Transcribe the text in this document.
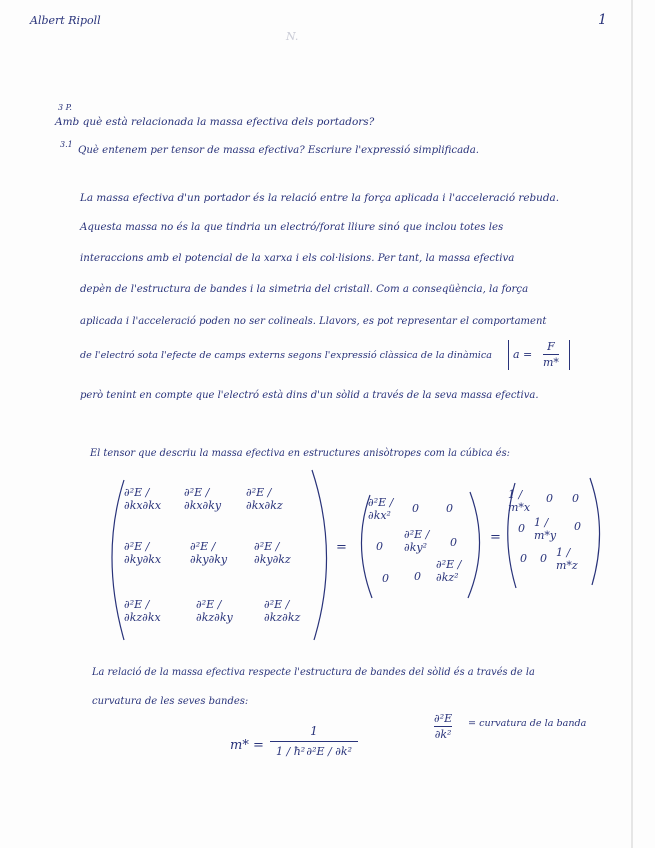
Albert Ripoll	1
N.
3 P.
Amb què està relacionada la massa efectiva dels portadors?
3.1
Què entenem per tensor de massa efectiva? Escriure l'expressió simplificada.
La massa efectiva d'un portador és la relació entre la força aplicada i l'acceleració rebuda.
Aquesta massa no és la que tindria un electró/forat lliure sinó que inclou totes les
interaccions amb el potencial de la xarxa i els col·lisions. Per tant, la massa efectiva
depèn de l'estructura de bandes i la simetria del cristall. Com a conseqüència, la força
aplicada i l'acceleració poden no ser colineals. Llavors, es pot representar el comportament
de l'electró sota l'efecte de camps externs segons l'expressió clàssica de la dinàmica
però tenint en compte que l'electró està dins d'un sòlid a través de la seva massa efectiva.
a =
F
m*
El tensor que descriu la massa efectiva en estructures anisòtropes com la cúbica és:
∂²E / ∂kx∂kx
∂²E / ∂kx∂ky
∂²E / ∂kx∂kz
∂²E / ∂ky∂kx
∂²E / ∂ky∂ky
∂²E / ∂ky∂kz
∂²E / ∂kz∂kx
∂²E / ∂kz∂ky
∂²E / ∂kz∂kz
=
∂²E / ∂kx²
0 0
0
∂²E / ∂ky²	0
0 0
∂²E / ∂kz²
=
1 / m*x
0 0
0 1 / m*y
0
0 0 1 / m*z
La relació de la massa efectiva respecte l'estructura de bandes del sòlid és a través de la
curvatura de les seves bandes:
m* =
1
1 / ħ² ∂²E / ∂k²
∂²E
∂k²
= curvatura de la banda
